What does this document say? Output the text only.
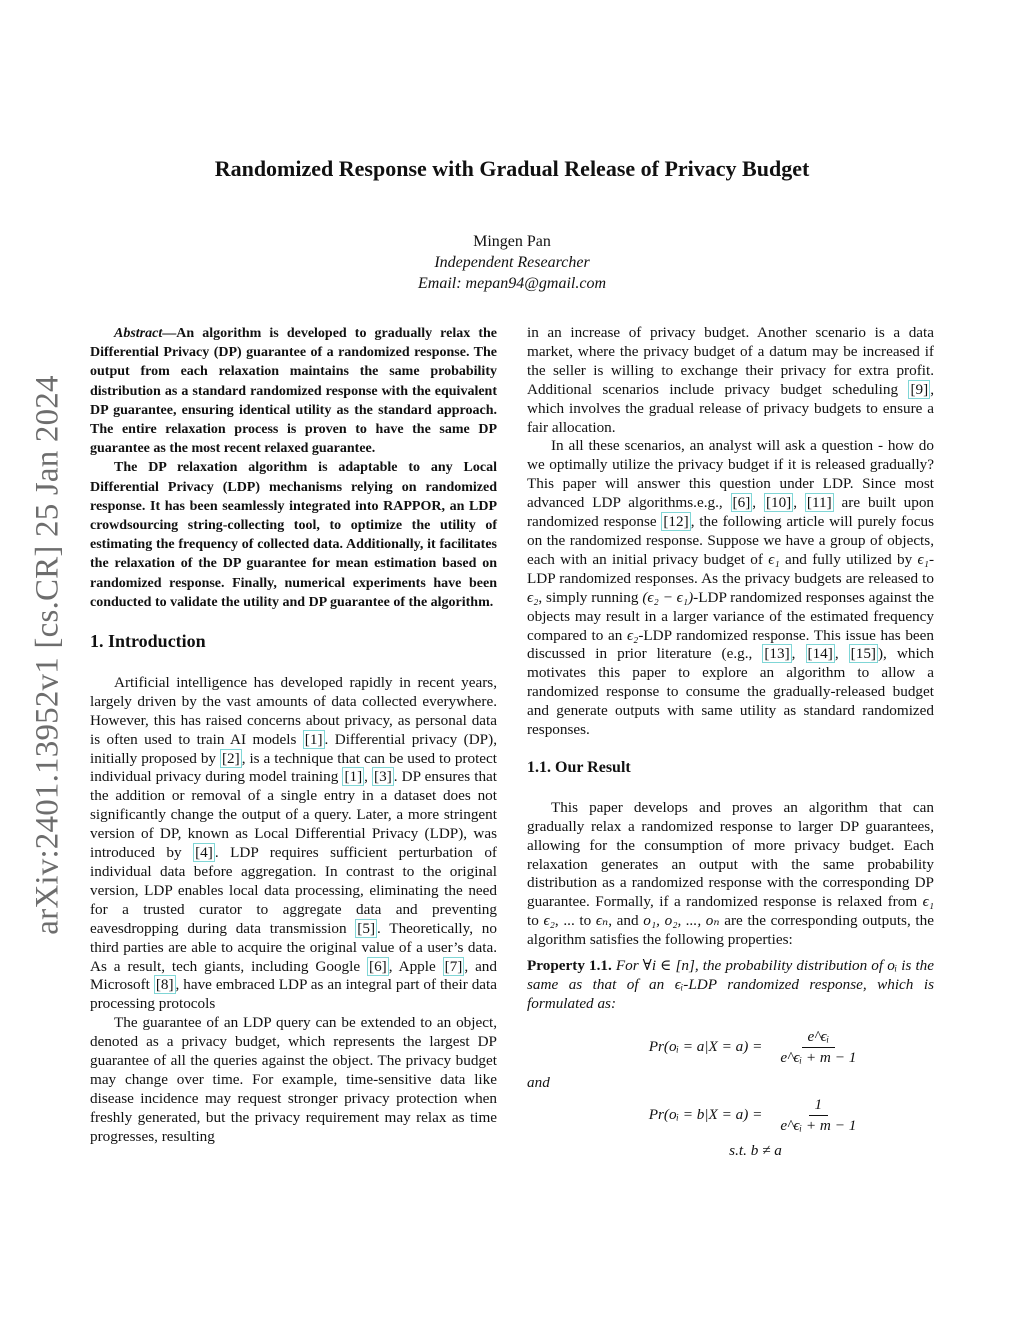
arXiv:2401.13952v1 [cs.CR] 25 Jan 2024
Randomized Response with Gradual Release of Privacy Budget
Mingen Pan
Independent Researcher
Email: mepan94@gmail.com

Abstract—An algorithm is developed to gradually relax the Differential Privacy (DP) guarantee of a randomized response. The output from each relaxation maintains the same probability distribution as a standard randomized response with the equivalent DP guarantee, ensuring identical utility as the standard approach. The entire relaxation process is proven to have the same DP guarantee as the most recent relaxed guarantee.

The DP relaxation algorithm is adaptable to any Local Differential Privacy (LDP) mechanisms relying on randomized response. It has been seamlessly integrated into RAPPOR, an LDP crowdsourcing string-collecting tool, to optimize the utility of estimating the frequency of collected data. Additionally, it facilitates the relaxation of the DP guarantee for mean estimation based on randomized response. Finally, numerical experiments have been conducted to validate the utility and DP guarantee of the algorithm.

1. Introduction

Artificial intelligence has developed rapidly in recent years, largely driven by the vast amounts of data collected everywhere. However, this has raised concerns about privacy, as personal data is often used to train AI models [1] . Differential privacy (DP), initially proposed by [2] , is a technique that can be used to protect individual privacy during model training [1] , [3] . DP ensures that the addition or removal of a single entry in a dataset does not significantly change the output of a query. Later, a more stringent version of DP, known as Local Differential Privacy (LDP), was introduced by [4] . LDP requires sufficient perturbation of individual data before aggregation. In contrast to the original version, LDP enables local data processing, eliminating the need for a trusted curator to aggregate data and preventing eavesdropping during data transmission [5] . Theoretically, no third parties are able to acquire the original value of a user’s data. As a result, tech giants, including Google [6] , Apple [7] , and Microsoft [8] , have embraced LDP as an integral part of their data processing protocols

The guarantee of an LDP query can be extended to an object, denoted as a privacy budget, which represents the largest DP guarantee of all the queries against the object. The privacy budget may change over time. For example, time-sensitive data like disease incidence may request stronger privacy protection when freshly generated, but the privacy requirement may relax as time progresses, resulting

in an increase of privacy budget. Another scenario is a data market, where the privacy budget of a datum may be increased if the seller is willing to exchange their privacy for extra profit. Additional scenarios include privacy budget scheduling [9] , which involves the gradual release of privacy budgets to ensure a fair allocation.

In all these scenarios, an analyst will ask a question - how do we optimally utilize the privacy budget if it is released gradually? This paper will answer this question under LDP. Since most advanced LDP algorithms.e.g., [6] , [10] , [11] are built upon randomized response [12] , the following article will purely focus on the randomized response. Suppose we have a group of objects, each with an initial privacy budget of ϵ₁ and fully utilized by ϵ₁-LDP randomized responses. As the privacy budgets are released to ϵ₂, simply running (ϵ₂ − ϵ₁)-LDP randomized responses against the objects may result in a larger variance of the estimated frequency compared to an ϵ₂-LDP randomized response. This issue has been discussed in prior literature (e.g., [13] , [14] , [15] ), which motivates this paper to explore an algorithm to allow a randomized response to consume the gradually-released budget and generate outputs with same utility as standard randomized responses.

1.1. Our Result

This paper develops and proves an algorithm that can gradually relax a randomized response to larger DP guarantees, allowing for the consumption of more privacy budget. Each relaxation generates an output with the same probability distribution as a randomized response with the corresponding DP guarantee. Formally, if a randomized response is relaxed from ϵ₁ to ϵ₂, ... to ϵₙ, and o₁, o₂, ..., oₙ are the corresponding outputs, the algorithm satisfies the following properties:

Property 1.1. For ∀i ∈ [n], the probability distribution of oᵢ is the same as that of an ϵᵢ-LDP randomized response, which is formulated as:

Pr(oᵢ = $a|X = a) = \frac{\text{e\textasciicircum{}ϵᵢ}}{\text{e\textasciicircum{}ϵᵢ + m − 1}}$

and

Pr(oᵢ = $b|X = a) = \frac{1}{\text{e\textasciicircum{}ϵᵢ + m − 1}}$

s.t. b ≠ a
